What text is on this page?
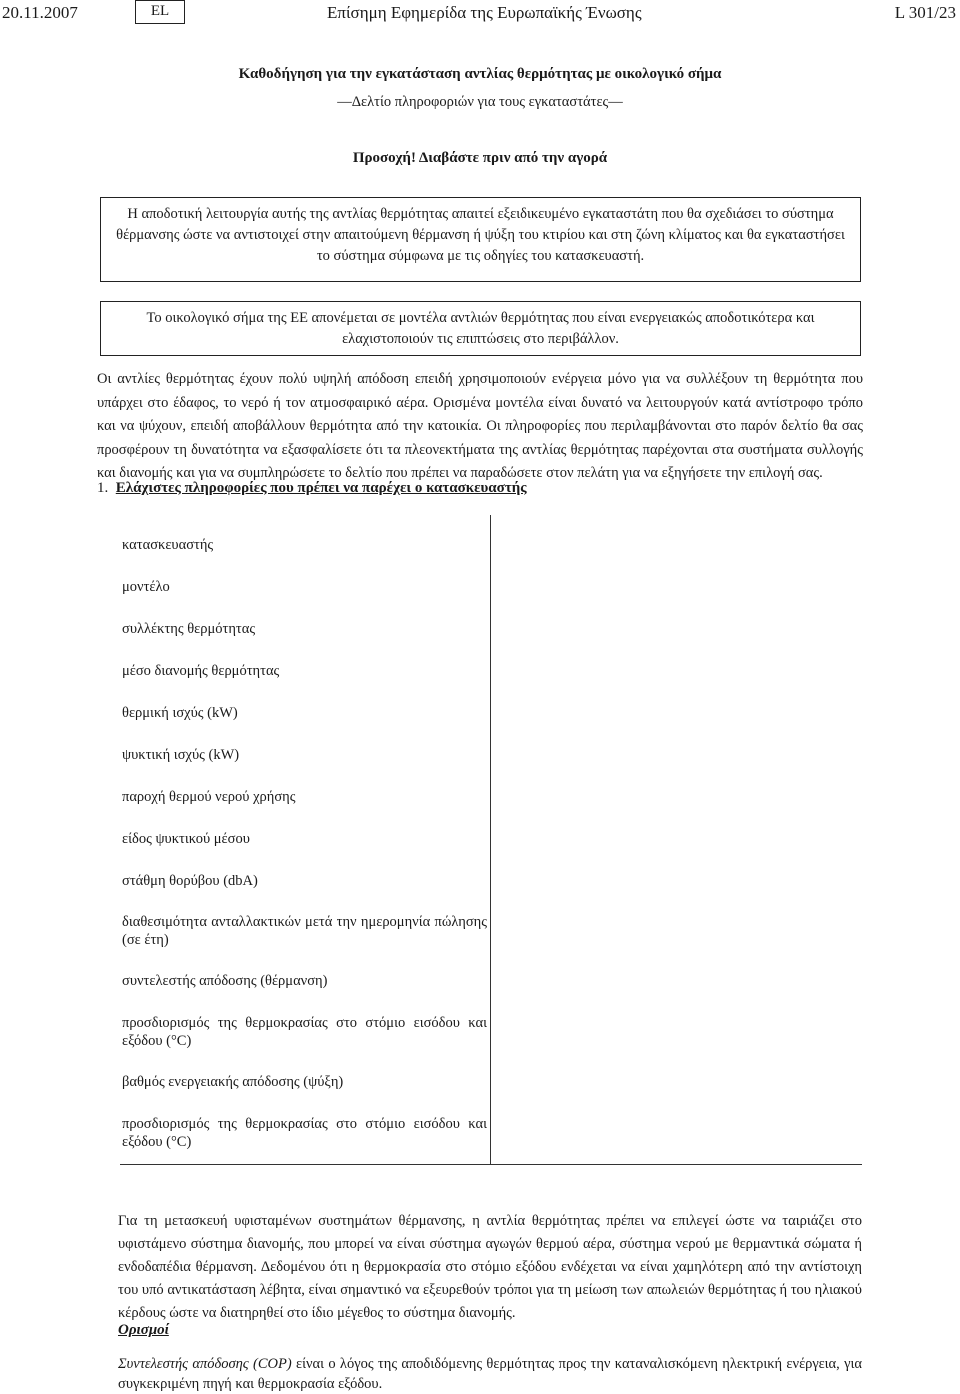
20.11.2007	EL	Επίσημη Εφημερίδα της Ευρωπαϊκής Ένωσης	L 301/23
Καθοδήγηση για την εγκατάσταση αντλίας θερμότητας με οικολογικό σήμα
—Δελτίο πληροφοριών για τους εγκαταστάτες—
Προσοχή! Διαβάστε πριν από την αγορά

Η αποδοτική λειτουργία αυτής της αντλίας θερμότητας απαιτεί εξειδικευμένο εγκαταστάτη που θα σχεδιάσει το σύστημα θέρμανσης ώστε να αντιστοιχεί στην απαιτούμενη θέρμανση ή ψύξη του κτιρίου και στη ζώνη κλίματος και θα εγκαταστήσει το σύστημα σύμφωνα με τις οδηγίες του κατασκευαστή.

Το οικολογικό σήμα της ΕΕ απονέμεται σε μοντέλα αντλιών θερμότητας που είναι ενεργειακώς αποδοτικότερα και ελαχιστοποιούν τις επιπτώσεις στο περιβάλλον.

Οι αντλίες θερμότητας έχουν πολύ υψηλή απόδοση επειδή χρησιμοποιούν ενέργεια μόνο για να συλλέξουν τη θερμότητα που υπάρχει στο έδαφος, το νερό ή τον ατμοσφαιρικό αέρα. Ορισμένα μοντέλα είναι δυνατό να λειτουργούν κατά αντίστροφο τρόπο και να ψύχουν, επειδή αποβάλλουν θερμότητα από την κατοικία. Οι πληροφορίες που περιλαμβάνονται στο παρόν δελτίο θα σας προσφέρουν τη δυνατότητα να εξασφαλίσετε ότι τα πλεονεκτήματα της αντλίας θερμότητας παρέχονται στα συστήματα συλλογής και διανομής και για να συμπληρώσετε το δελτίο που πρέπει να παραδώσετε στον πελάτη για να εξηγήσετε την επιλογή σας.

1. Ελάχιστες πληροφορίες που πρέπει να παρέχει ο κατασκευαστής
κατασκευαστής
μοντέλο
συλλέκτης θερμότητας
μέσο διανομής θερμότητας
θερμική ισχύς (kW)
ψυκτική ισχύς (kW)
παροχή θερμού νερού χρήσης
είδος ψυκτικού μέσου
στάθμη θορύβου (dbA)
διαθεσιμότητα ανταλλακτικών μετά την ημερομηνία πώλησης (σε έτη)
συντελεστής απόδοσης (θέρμανση)
προσδιορισμός της θερμοκρασίας στο στόμιο εισόδου και εξόδου (°C)
βαθμός ενεργειακής απόδοσης (ψύξη)
προσδιορισμός της θερμοκρασίας στο στόμιο εισόδου και εξόδου (°C)

Για τη μετασκευή υφισταμένων συστημάτων θέρμανσης, η αντλία θερμότητας πρέπει να επιλεγεί ώστε να ταιριάζει στο υφιστάμενο σύστημα διανομής, που μπορεί να είναι σύστημα αγωγών θερμού αέρα, σύστημα νερού με θερμαντικά σώματα ή ενδοδαπέδια θέρμανση. Δεδομένου ότι η θερμοκρασία στο στόμιο εξόδου ενδέχεται να είναι χαμηλότερη από την αντίστοιχη του υπό αντικατάσταση λέβητα, είναι σημαντικό να εξευρεθούν τρόποι για τη μείωση των απωλειών θερμότητας ή του ηλιακού κέρδους ώστε να διατηρηθεί στο ίδιο μέγεθος το σύστημα διανομής.

Ορισμοί

Συντελεστής απόδοσης (COP) είναι ο λόγος της αποδιδόμενης θερμότητας προς την καταναλισκόμενη ηλεκτρική ενέργεια, για συγκεκριμένη πηγή και θερμοκρασία εξόδου.
